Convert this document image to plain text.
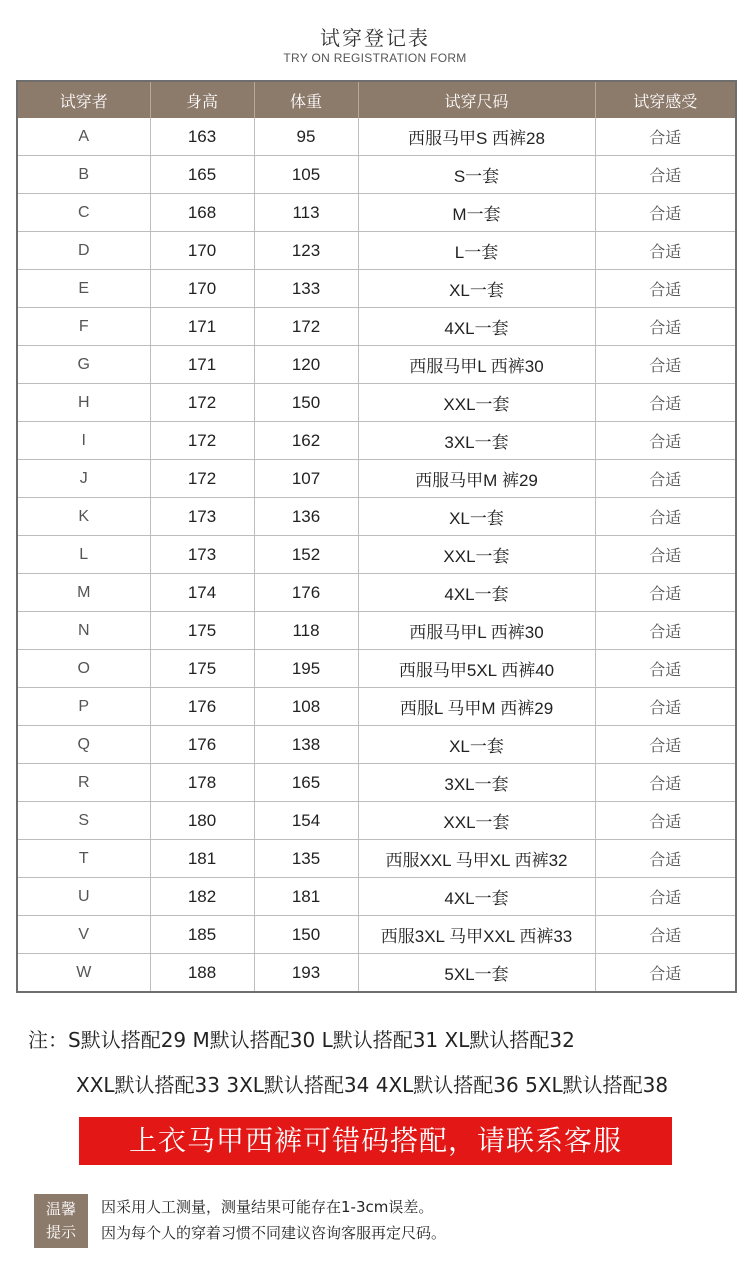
试穿登记表
TRY ON REGISTRATION FORM
试穿者	身高	体重	试穿尺码	试穿感受
A	163	95	西服马甲S 西裤28	合适
B	165	105	S一套	合适
C	168	113	M一套	合适
D	170	123	L一套	合适
E	170	133	XL一套	合适
F	171	172	4XL一套	合适
G	171	120	西服马甲L 西裤30	合适
H	172	150	XXL一套	合适
I	172	162	3XL一套	合适
J	172	107	西服马甲M 裤29	合适
K	173	136	XL一套	合适
L	173	152	XXL一套	合适
M	174	176	4XL一套	合适
N	175	118	西服马甲L 西裤30	合适
O	175	195	西服马甲5XL 西裤40	合适
P	176	108	西服L 马甲M 西裤29	合适
Q	176	138	XL一套	合适
R	178	165	3XL一套	合适
S	180	154	XXL一套	合适
T	181	135	西服XXL 马甲XL 西裤32	合适
U	182	181	4XL一套	合适
V	185	150	西服3XL 马甲XXL 西裤33	合适
W	188	193	5XL一套	合适
注：S默认搭配29 M默认搭配30 L默认搭配31 XL默认搭配32
XXL默认搭配33 3XL默认搭配34 4XL默认搭配36 5XL默认搭配38
上衣马甲西裤可错码搭配，请联系客服
温馨
提示
因采用人工测量，测量结果可能存在1-3cm误差。
因为每个人的穿着习惯不同建议咨询客服再定尺码。
